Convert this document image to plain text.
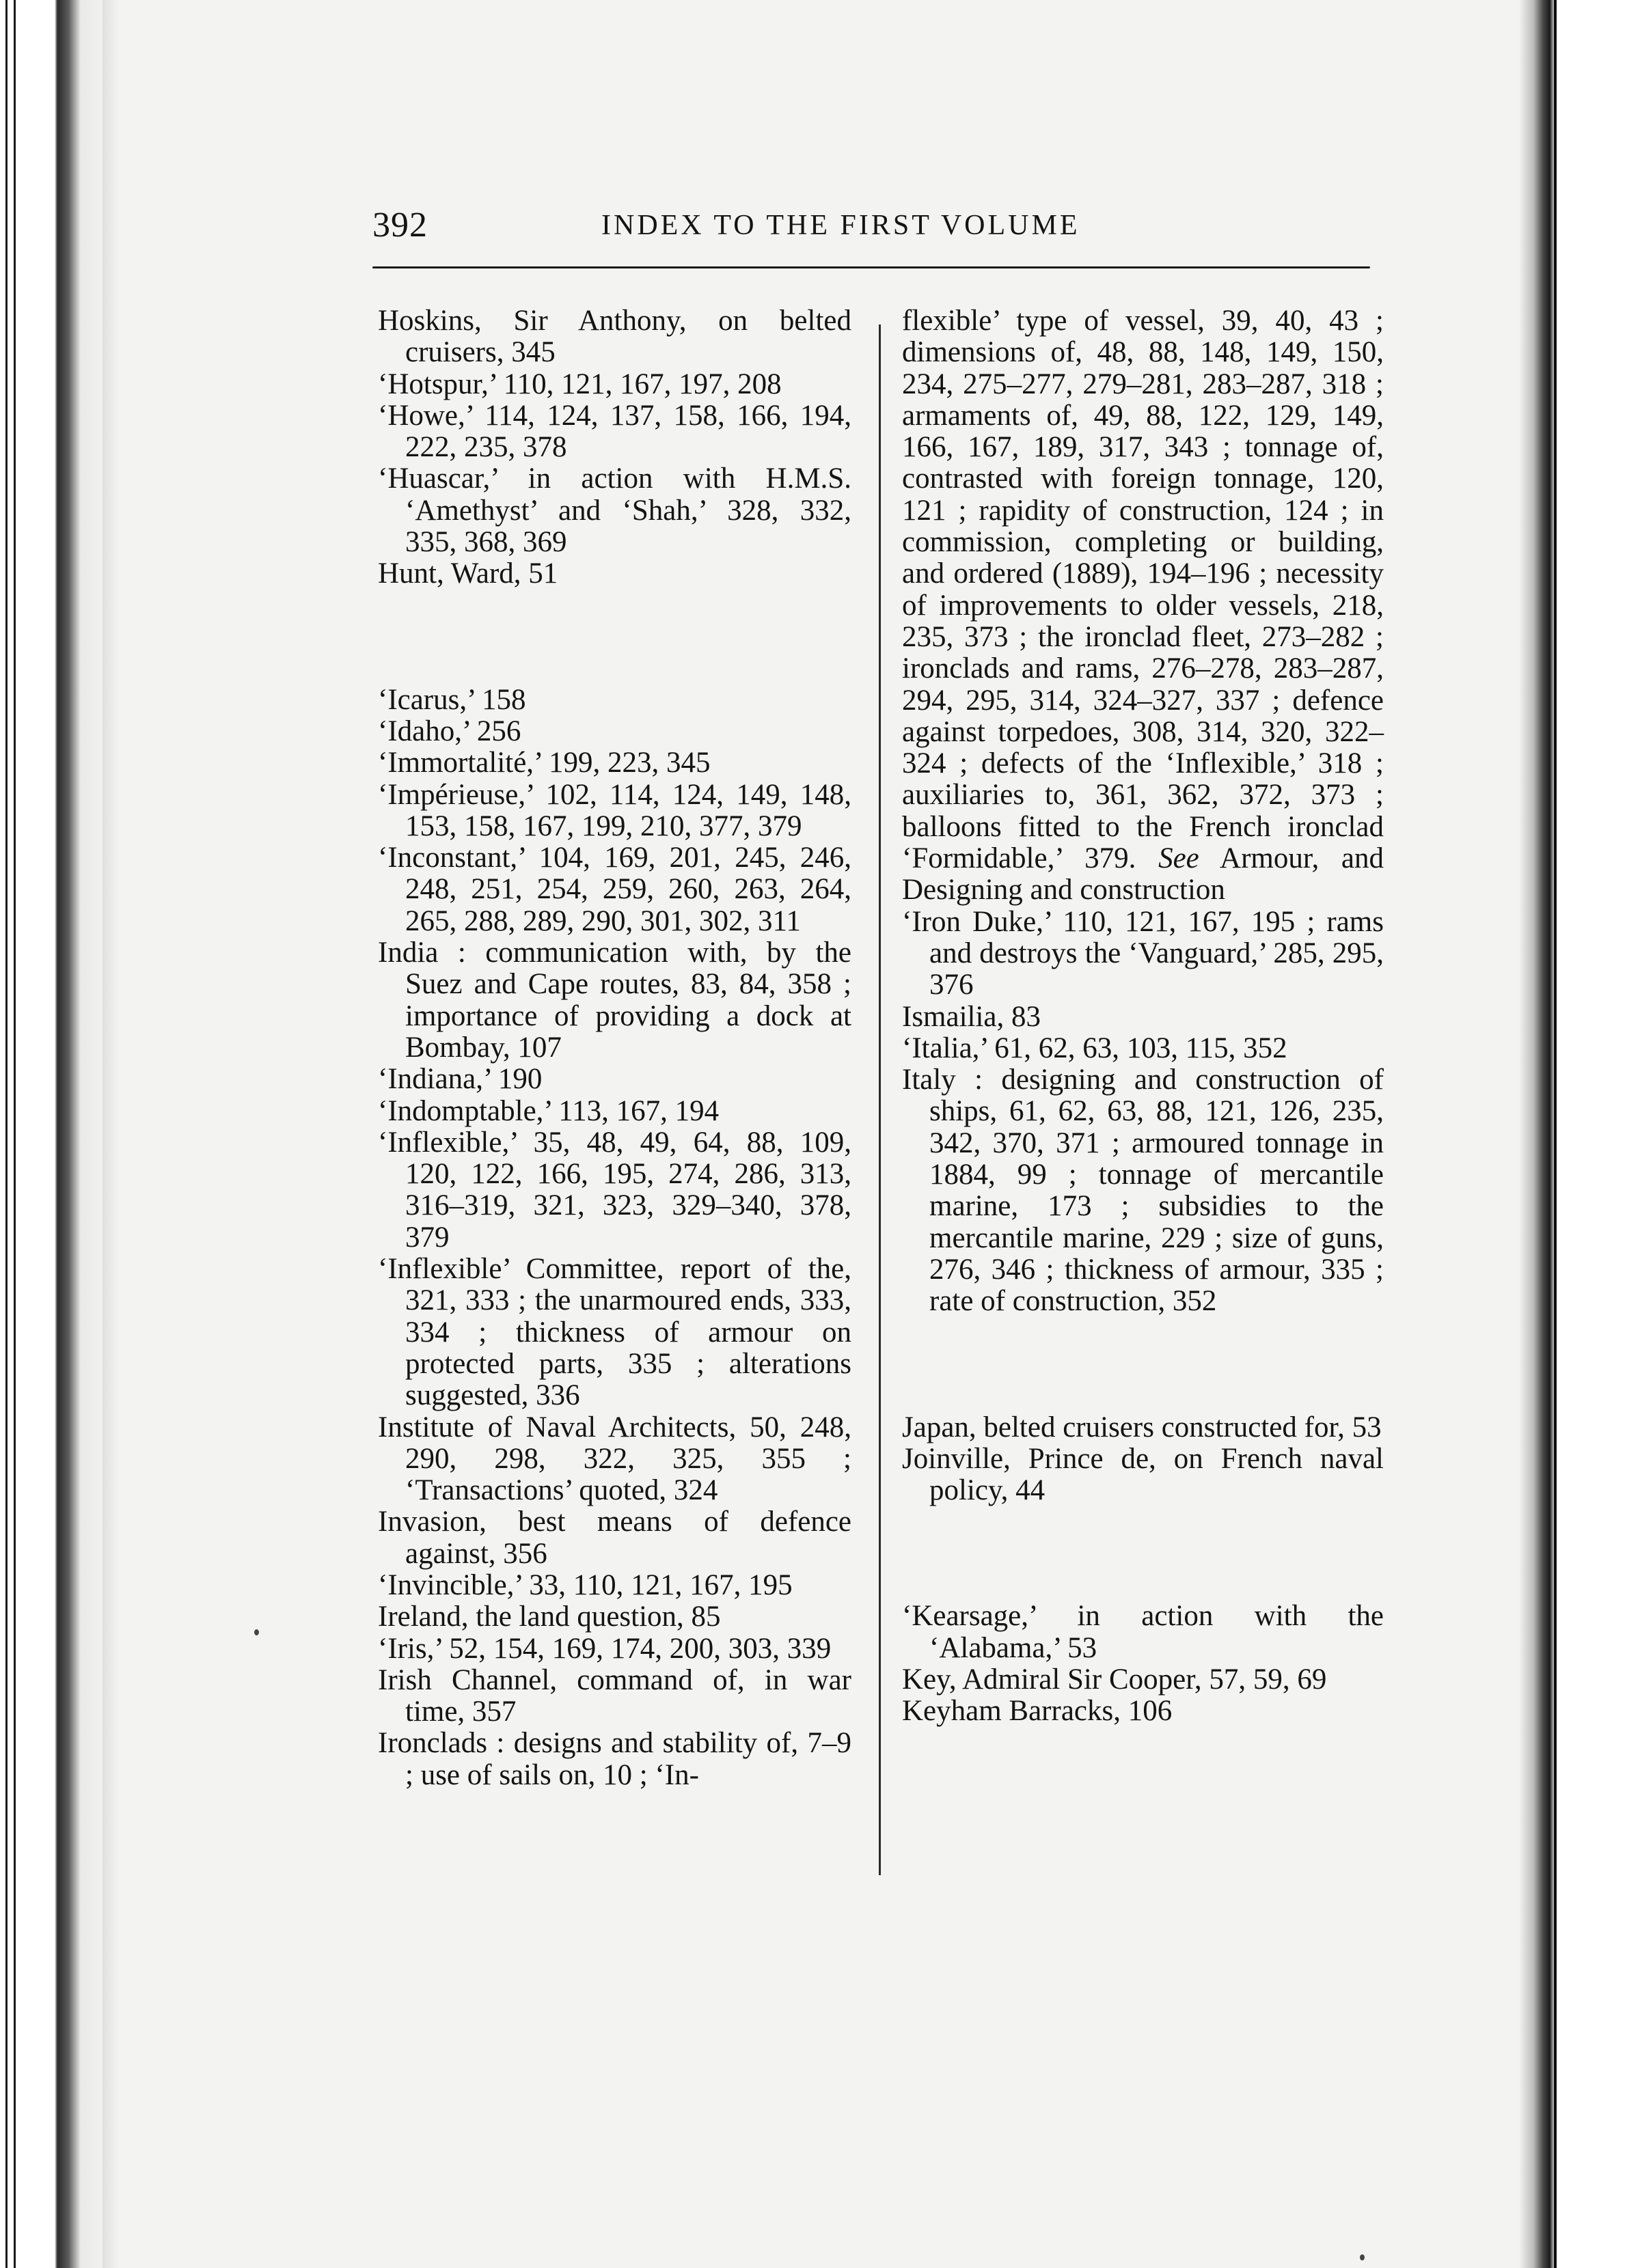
392	INDEX TO THE FIRST VOLUME

Hoskins, Sir Anthony, on belted cruisers, 345

‘Hotspur,’ 110, 121, 167, 197, 208

‘Howe,’ 114, 124, 137, 158, 166, 194, 222, 235, 378

‘Huascar,’ in action with H.M.S. ‘Amethyst’ and ‘Shah,’ 328, 332, 335, 368, 369

Hunt, Ward, 51

‘Icarus,’ 158

‘Idaho,’ 256

‘Immortalité,’ 199, 223, 345

‘Impérieuse,’ 102, 114, 124, 149, 148, 153, 158, 167, 199, 210, 377, 379

‘Inconstant,’ 104, 169, 201, 245, 246, 248, 251, 254, 259, 260, 263, 264, 265, 288, 289, 290, 301, 302, 311

India : communication with, by the Suez and Cape routes, 83, 84, 358 ; importance of providing a dock at Bombay, 107

‘Indiana,’ 190

‘Indomptable,’ 113, 167, 194

‘Inflexible,’ 35, 48, 49, 64, 88, 109, 120, 122, 166, 195, 274, 286, 313, 316–319, 321, 323, 329–340, 378, 379

‘Inflexible’ Committee, report of the, 321, 333 ; the unarmoured ends, 333, 334 ; thickness of armour on protected parts, 335 ; alterations suggested, 336

Institute of Naval Architects, 50, 248, 290, 298, 322, 325, 355 ; ‘Transactions’ quoted, 324

Invasion, best means of defence against, 356

‘Invincible,’ 33, 110, 121, 167, 195

Ireland, the land question, 85

‘Iris,’ 52, 154, 169, 174, 200, 303, 339

Irish Channel, command of, in war time, 357

Ironclads : designs and stability of, 7–9 ; use of sails on, 10 ; ‘In-

flexible’ type of vessel, 39, 40, 43 ; dimensions of, 48, 88, 148, 149, 150, 234, 275–277, 279–281, 283–287, 318 ; armaments of, 49, 88, 122, 129, 149, 166, 167, 189, 317, 343 ; tonnage of, contrasted with foreign tonnage, 120, 121 ; rapidity of construction, 124 ; in commission, completing or building, and ordered (1889), 194–196 ; necessity of improvements to older vessels, 218, 235, 373 ; the ironclad fleet, 273–282 ; ironclads and rams, 276–278, 283–287, 294, 295, 314, 324–327, 337 ; defence against torpedoes, 308, 314, 320, 322–324 ; defects of the ‘Inflexible,’ 318 ; auxiliaries to, 361, 362, 372, 373 ; balloons fitted to the French ironclad ‘Formidable,’ 379. See Armour, and Designing and construction

‘Iron Duke,’ 110, 121, 167, 195 ; rams and destroys the ‘Vanguard,’ 285, 295, 376

Ismailia, 83

‘Italia,’ 61, 62, 63, 103, 115, 352

Italy : designing and construction of ships, 61, 62, 63, 88, 121, 126, 235, 342, 370, 371 ; armoured tonnage in 1884, 99 ; tonnage of mercantile marine, 173 ; subsidies to the mercantile marine, 229 ; size of guns, 276, 346 ; thickness of armour, 335 ; rate of construction, 352

Japan, belted cruisers constructed for, 53

Joinville, Prince de, on French naval policy, 44

‘Kearsage,’ in action with the ‘Alabama,’ 53

Key, Admiral Sir Cooper, 57, 59, 69

Keyham Barracks, 106
